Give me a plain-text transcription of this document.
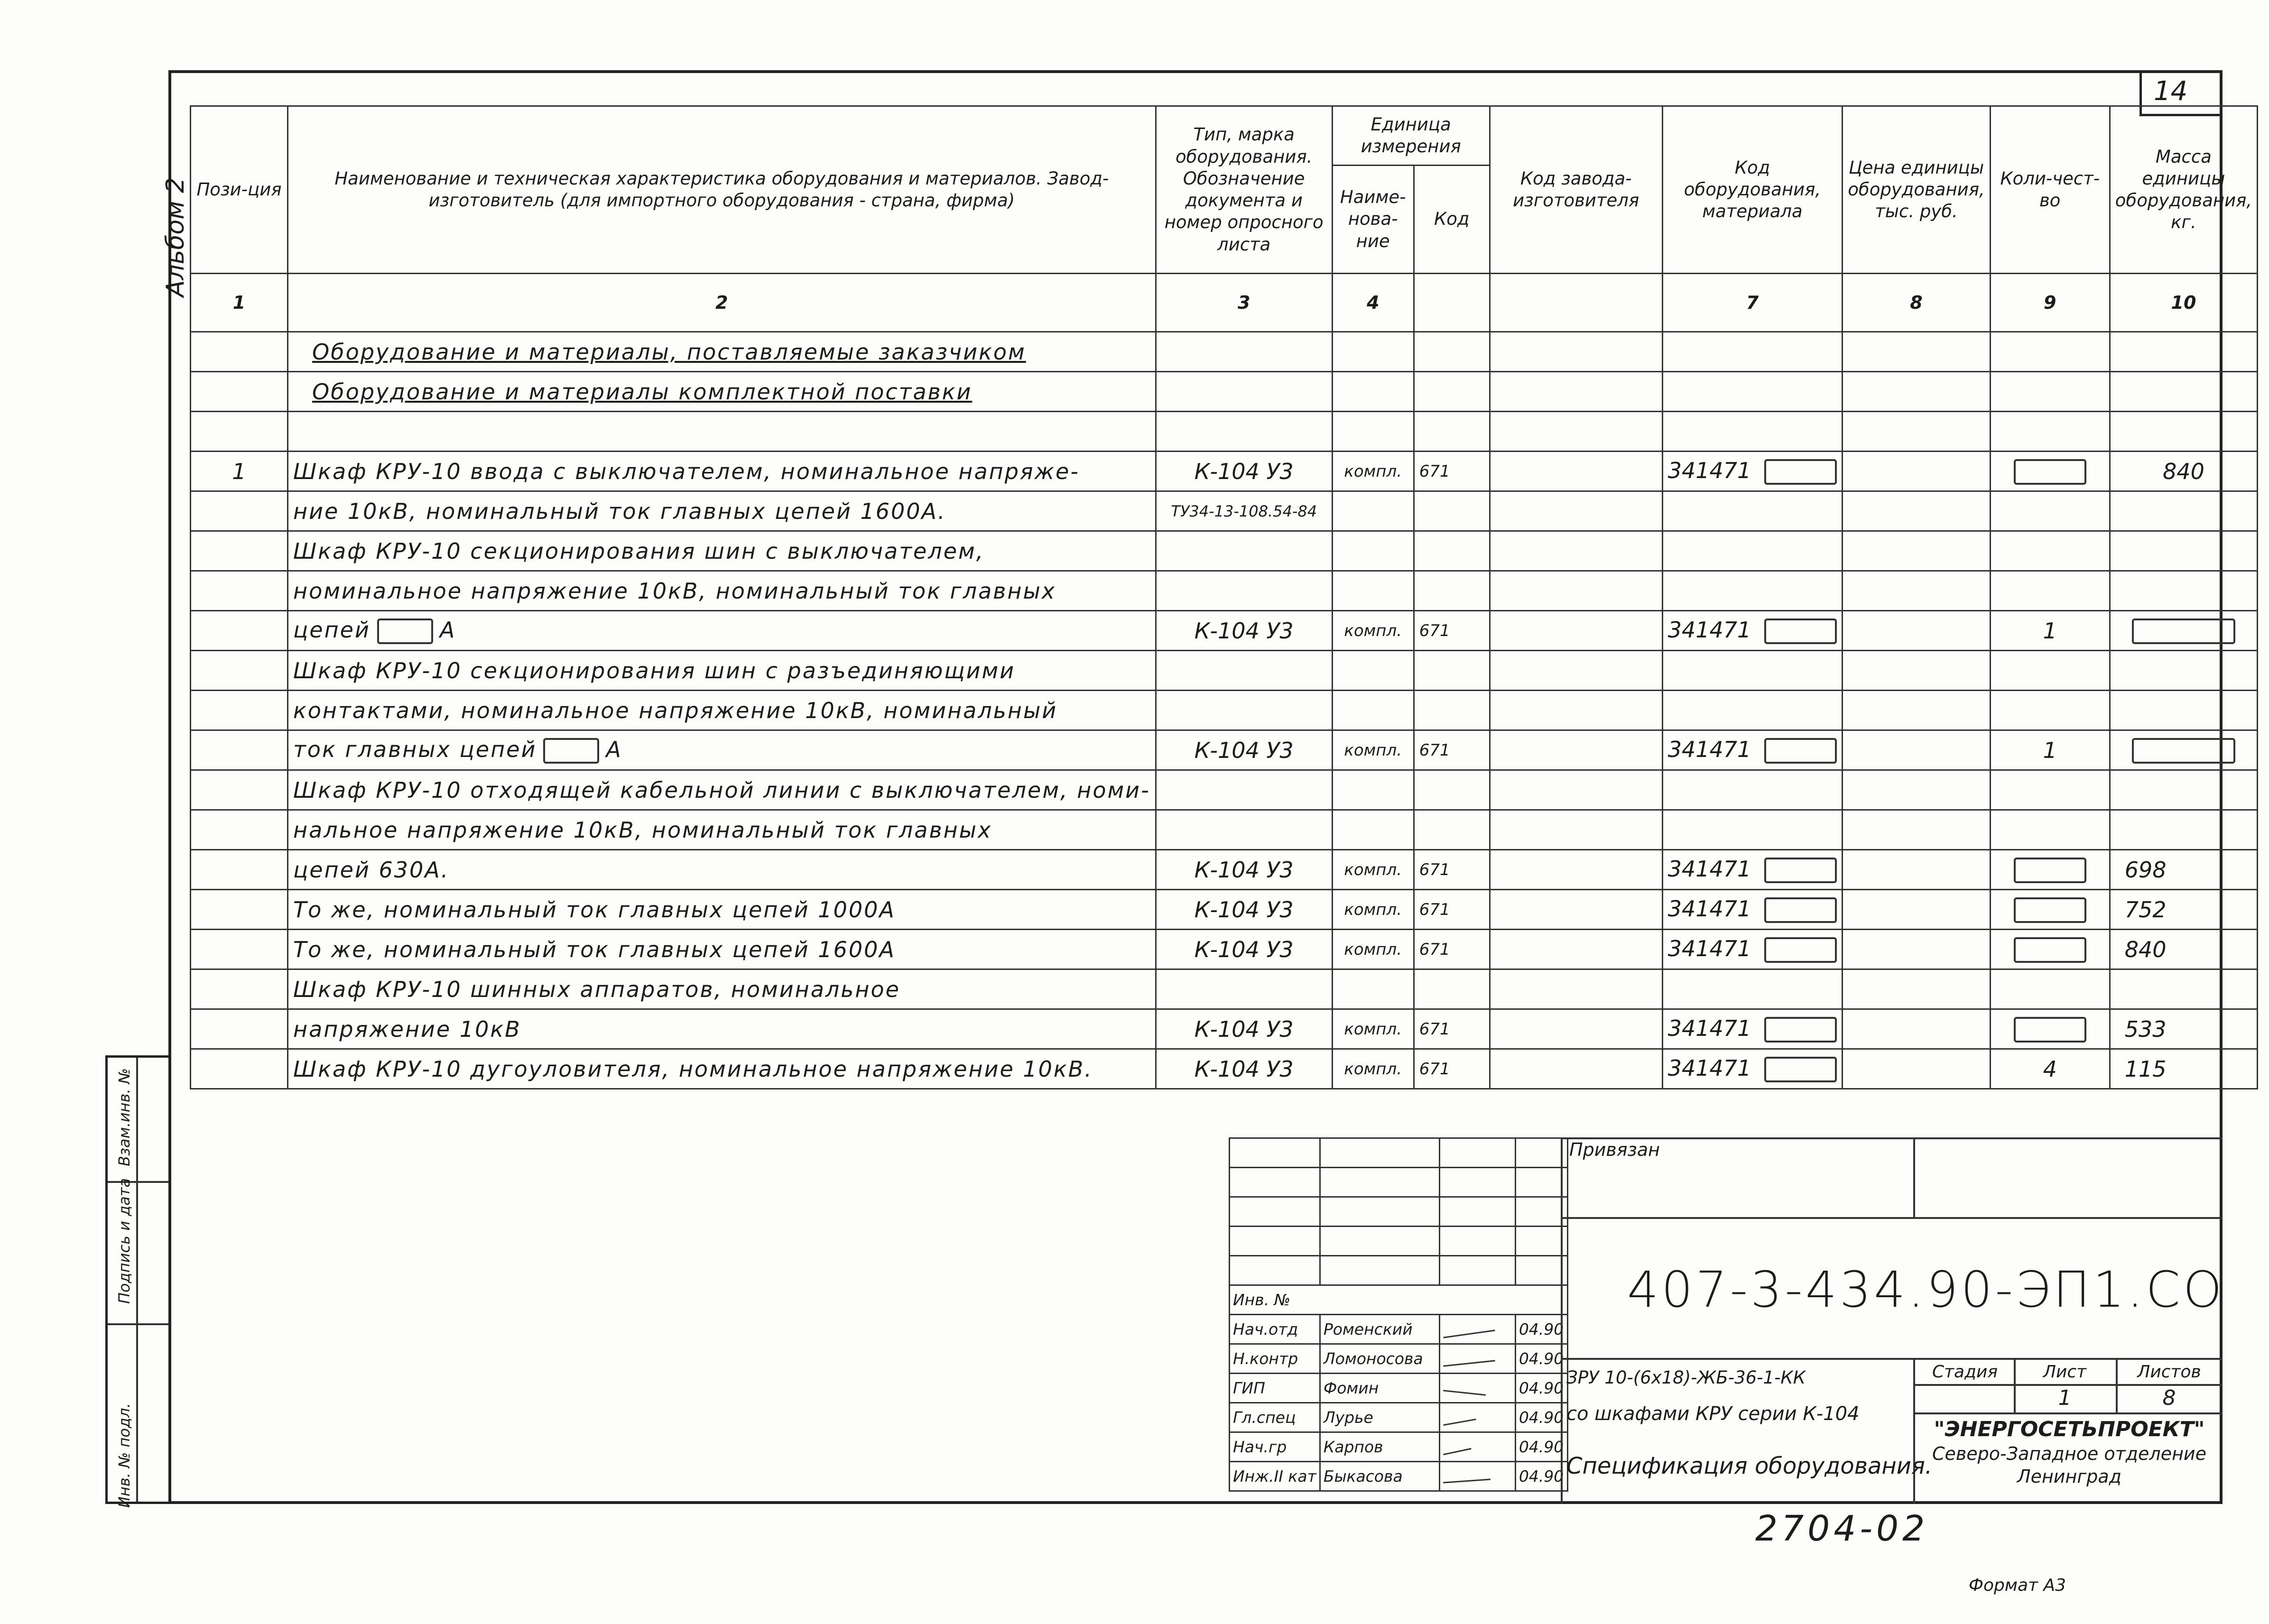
Инв. № подл.
Подпись и дата
Взам.инв. №
14
Альбом 2 Пози-ция	Наименование и техническая характеристика оборудования и материалов. Завод-изготовитель (для импортного оборудования - страна, фирма)	Тип, марка оборудования. Обозначение документа и номер опросного листа	Единица измерения		Код завода-изготовителя	Код оборудования, материала	Цена единицы оборудования, тыс. руб.	Коли-чест-во	Масса единицы оборудования, кг.
			Наиме-нова-ние	Код					
1	2	3	4			7	8	9	10
	Оборудование и материалы, поставляемые заказчиком								
	Оборудование и материалы комплектной поставки								

1	Шкаф КРУ-10 ввода с выключателем, номинальное напряже-	К-104 У3	компл.	671		341471			840
	ние 10кВ, номинальный ток главных цепей 1600А.	ТУ34-13-108.54-84							
	Шкаф КРУ-10 секционирования шин с выключателем,								
	номинальное напряжение 10кВ, номинальный ток главных								
	цепей А	К-104 У3	компл.	671		341471		1	
	Шкаф КРУ-10 секционирования шин с разъединяющими								
	контактами, номинальное напряжение 10кВ, номинальный								
	ток главных цепей А	К-104 У3	компл.	671		341471		1	
	Шкаф КРУ-10 отходящей кабельной линии с выключателем, номи-								
	нальное напряжение 10кВ, номинальный ток главных								
	цепей 630А.	К-104 У3	компл.	671		341471			698
	То же, номинальный ток главных цепей 1000А	К-104 У3	компл.	671		341471			752
	То же, номинальный ток главных цепей 1600А	К-104 У3	компл.	671		341471			840
	Шкаф КРУ-10 шинных аппаратов, номинальное								
	напряжение 10кВ	К-104 У3	компл.	671		341471			533
	Шкаф КРУ-10 дугоуловителя, номинальное напряжение 10кВ.	К-104 У3	компл.	671		341471		4	115

Инв. №			
Нач.отд	Роменский		04.90
Н.контр	Ломоносова		04.90
ГИП	Фомин		04.90
Гл.спец	Лурье		04.90
Нач.гр	Карпов		04.90
Инж.II кат	Быкасова		04.90
Привязан
407-3-434.90-ЭП1.СО
ЗРУ 10-(6x18)-ЖБ-36-1-КК
со шкафами КРУ серии К-104
Спецификация оборудования.
Стадия	Лист	Листов
1	8
"ЭНЕРГОСЕТЬПРОЕКТ"
Северо-Западное отделение
Ленинград
2704-02
Формат А3
